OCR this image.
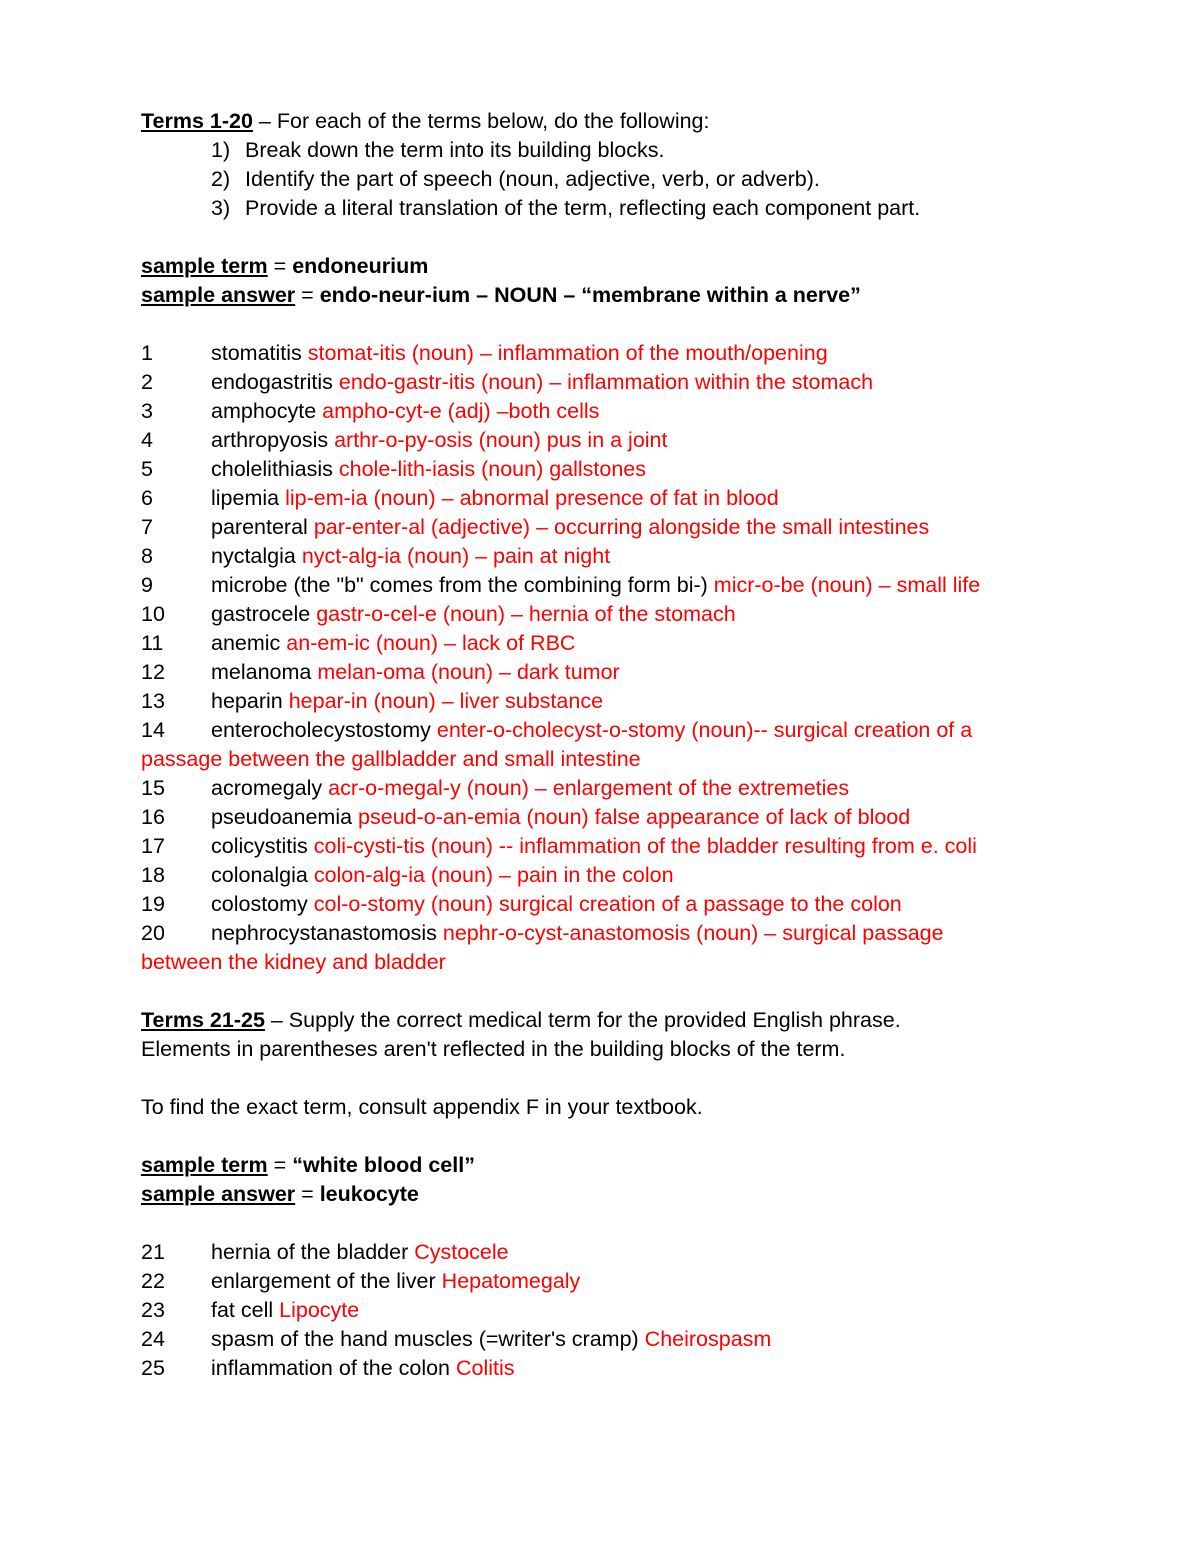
Terms 1-20 – For each of the terms below, do the following:
1) Break down the term into its building blocks.
2) Identify the part of speech (noun, adjective, verb, or adverb).
3) Provide a literal translation of the term, reflecting each component part.
sample term = endoneurium
sample answer = endo-neur-ium – NOUN – “membrane within a nerve”
1	stomatitis stomat-itis (noun) – inflammation of the mouth/opening
2	endogastritis endo-gastr-itis (noun) – inflammation within the stomach
3	amphocyte ampho-cyt-e (adj) –both cells
4	arthropyosis arthr-o-py-osis (noun) pus in a joint
5	cholelithiasis chole-lith-iasis (noun) gallstones
6	lipemia lip-em-ia (noun) – abnormal presence of fat in blood
7	parenteral par-enter-al (adjective) – occurring alongside the small intestines
8	nyctalgia nyct-alg-ia (noun) – pain at night
9	microbe (the "b" comes from the combining form bi-) micr-o-be (noun) – small life
10 gastrocele gastr-o-cel-e (noun) – hernia of the stomach
11 anemic an-em-ic (noun) – lack of RBC
12 melanoma melan-oma (noun) – dark tumor
13 heparin hepar-in (noun) – liver substance
14 enterocholecystostomy enter-o-cholecyst-o-stomy (noun)-- surgical creation of a
passage between the gallbladder and small intestine
15 acromegaly acr-o-megal-y (noun) – enlargement of the extremeties
16 pseudoanemia pseud-o-an-emia (noun) false appearance of lack of blood
17 colicystitis coli-cysti-tis (noun) -- inflammation of the bladder resulting from e. coli
18 colonalgia colon-alg-ia (noun) – pain in the colon
19 colostomy col-o-stomy (noun) surgical creation of a passage to the colon
20 nephrocystanastomosis nephr-o-cyst-anastomosis (noun) – surgical passage
between the kidney and bladder
Terms 21-25 – Supply the correct medical term for the provided English phrase.
Elements in parentheses aren't reflected in the building blocks of the term.
To find the exact term, consult appendix F in your textbook.
sample term = “white blood cell”
sample answer = leukocyte
21 hernia of the bladder Cystocele
22 enlargement of the liver Hepatomegaly
23 fat cell Lipocyte
24 spasm of the hand muscles (=writer's cramp) Cheirospasm
25 inflammation of the colon Colitis
